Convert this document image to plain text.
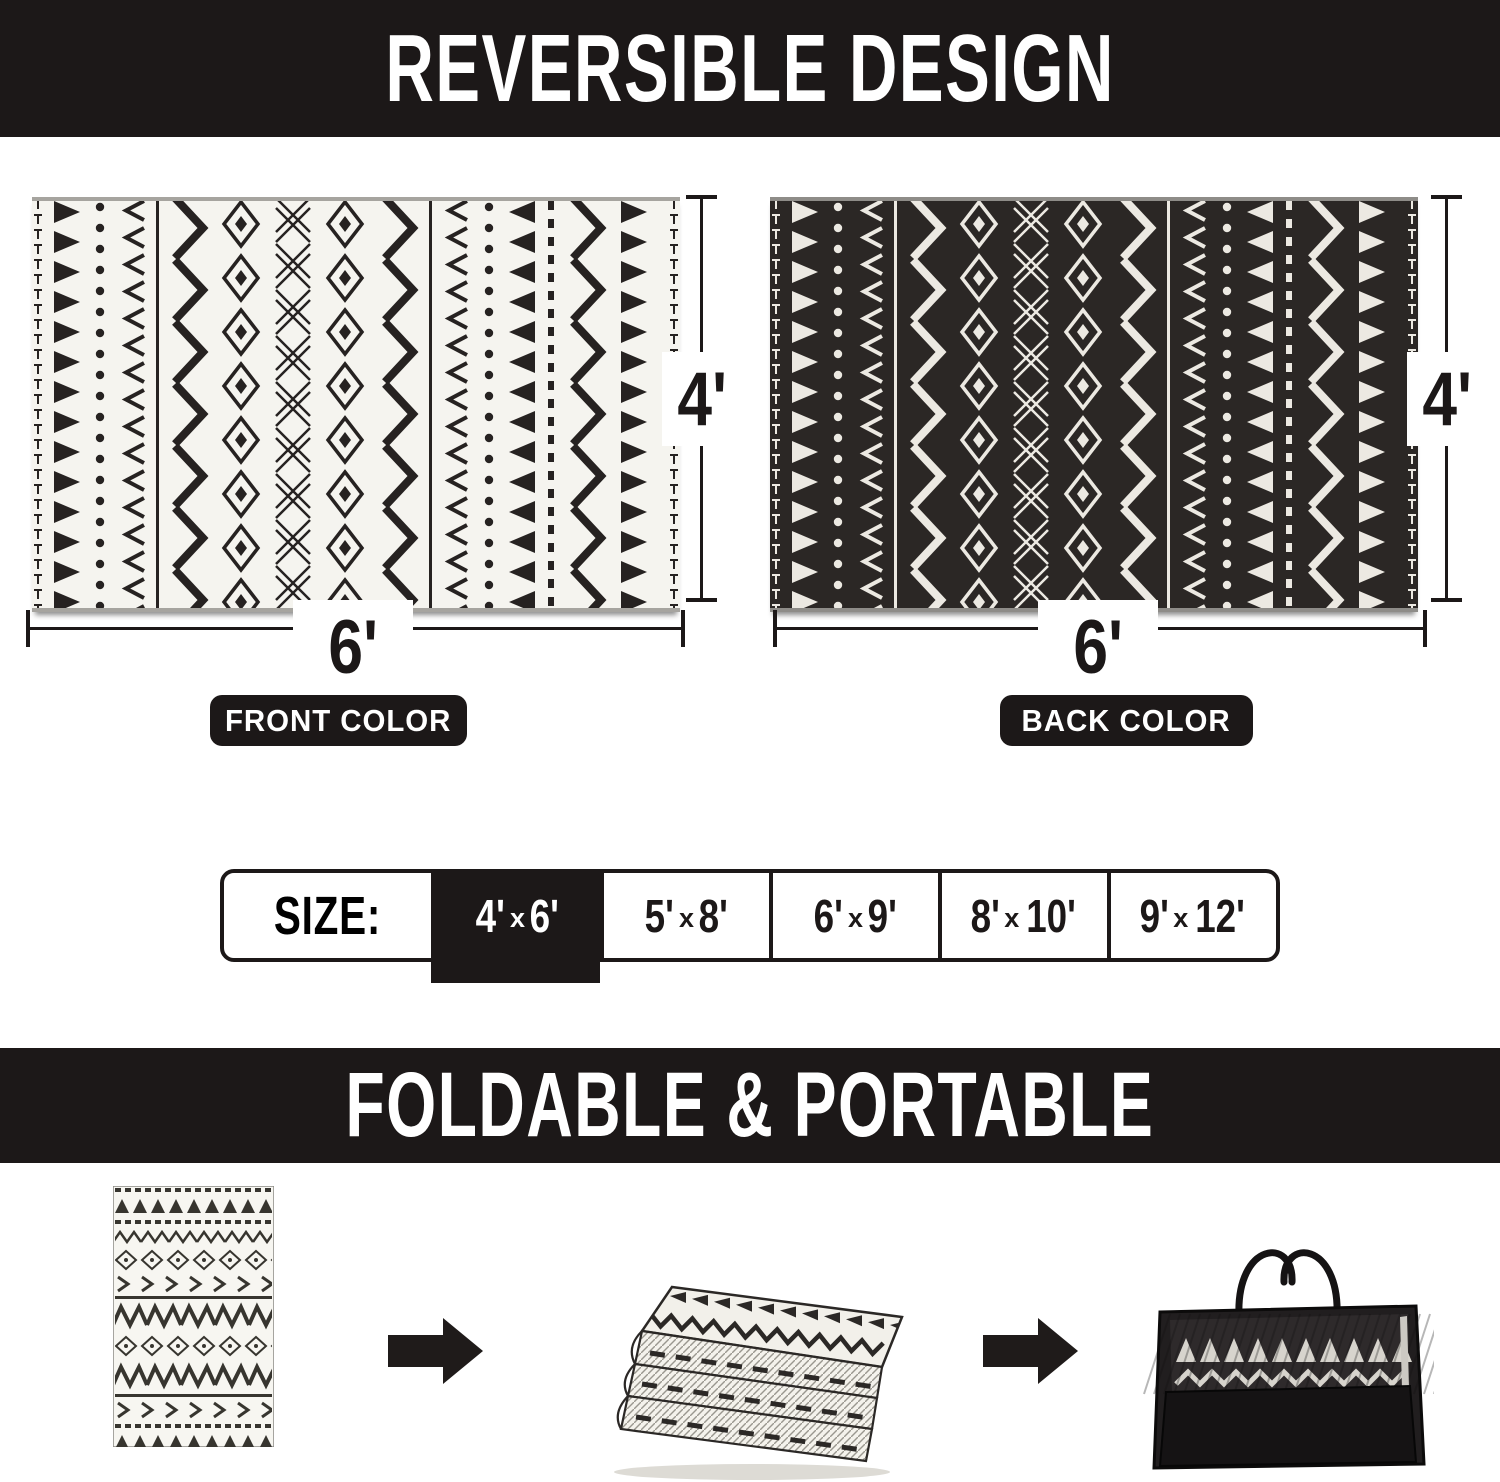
REVERSIBLE DESIGN
4'
6'
4'
6'
FRONT COLOR	BACK COLOR
SIZE: 4' x 6' 5' x 8' 6' x 9' 8' x 10' 9' x 12'
FOLDABLE & PORTABLE
